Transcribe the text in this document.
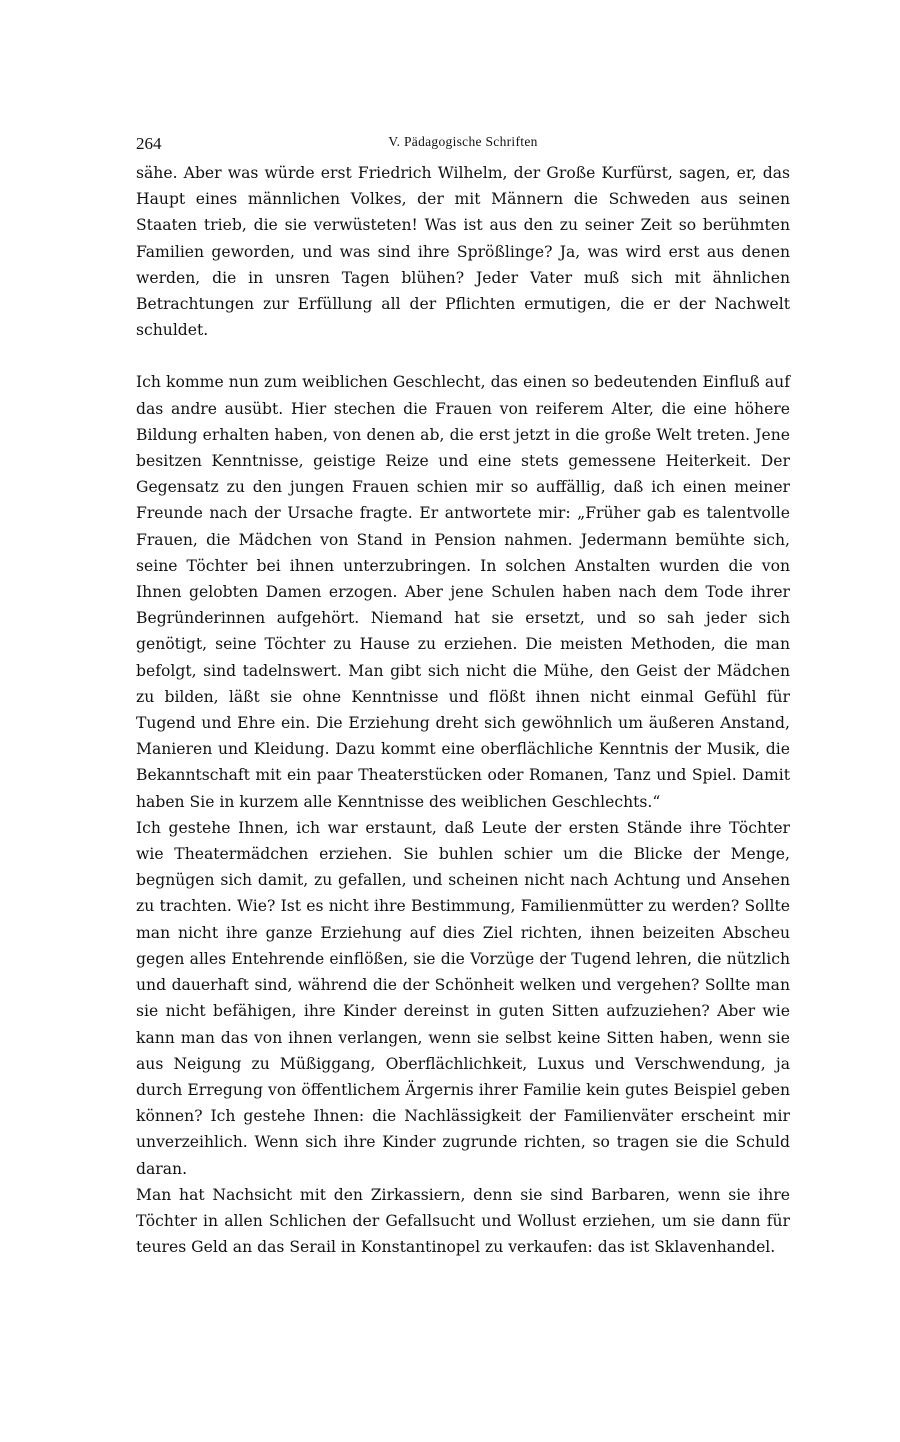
264	V. Pädagogische Schriften

sähe. Aber was würde erst Friedrich Wilhelm, der Große Kurfürst, sagen, er, das Haupt eines männlichen Volkes, der mit Männern die Schweden aus seinen Staaten trieb, die sie verwüsteten! Was ist aus den zu seiner Zeit so berühmten Familien geworden, und was sind ihre Sprößlinge? Ja, was wird erst aus denen werden, die in unsren Tagen blühen? Jeder Vater muß sich mit ähnlichen Betrachtungen zur Erfüllung all der Pflichten ermutigen, die er der Nachwelt schuldet.

Ich komme nun zum weiblichen Geschlecht, das einen so bedeutenden Einfluß auf das andre ausübt. Hier stechen die Frauen von reiferem Alter, die eine höhere Bildung erhalten haben, von denen ab, die erst jetzt in die große Welt treten. Jene besitzen Kenntnisse, geistige Reize und eine stets gemessene Heiterkeit. Der Gegensatz zu den jungen Frauen schien mir so auffällig, daß ich einen meiner Freunde nach der Ursache fragte. Er antwortete mir: „Früher gab es talentvolle Frauen, die Mädchen von Stand in Pension nahmen. Jedermann bemühte sich, seine Töchter bei ihnen unterzubringen. In solchen Anstalten wurden die von Ihnen gelobten Damen erzogen. Aber jene Schulen haben nach dem Tode ihrer Begründerinnen aufgehört. Niemand hat sie ersetzt, und so sah jeder sich genötigt, seine Töchter zu Hause zu erziehen. Die meisten Methoden, die man befolgt, sind tadelnswert. Man gibt sich nicht die Mühe, den Geist der Mädchen zu bilden, läßt sie ohne Kenntnisse und flößt ihnen nicht einmal Gefühl für Tugend und Ehre ein. Die Erziehung dreht sich gewöhnlich um äußeren Anstand, Manieren und Kleidung. Dazu kommt eine oberflächliche Kenntnis der Musik, die Bekanntschaft mit ein paar Theaterstücken oder Romanen, Tanz und Spiel. Damit haben Sie in kurzem alle Kenntnisse des weiblichen Geschlechts.“

Ich gestehe Ihnen, ich war erstaunt, daß Leute der ersten Stände ihre Töchter wie Theatermädchen erziehen. Sie buhlen schier um die Blicke der Menge, begnügen sich damit, zu gefallen, und scheinen nicht nach Achtung und Ansehen zu trachten. Wie? Ist es nicht ihre Bestimmung, Familienmütter zu werden? Sollte man nicht ihre ganze Erziehung auf dies Ziel richten, ihnen beizeiten Abscheu gegen alles Entehrende einflößen, sie die Vorzüge der Tugend lehren, die nützlich und dauerhaft sind, während die der Schönheit welken und vergehen? Sollte man sie nicht befähigen, ihre Kinder dereinst in guten Sitten aufzuziehen? Aber wie kann man das von ihnen verlangen, wenn sie selbst keine Sitten haben, wenn sie aus Neigung zu Müßiggang, Oberflächlichkeit, Luxus und Verschwendung, ja durch Erregung von öffentlichem Ärgernis ihrer Familie kein gutes Beispiel geben können? Ich gestehe Ihnen: die Nachlässigkeit der Familienväter erscheint mir unverzeihlich. Wenn sich ihre Kinder zugrunde richten, so tragen sie die Schuld daran.

Man hat Nachsicht mit den Zirkassiern, denn sie sind Barbaren, wenn sie ihre Töchter in allen Schlichen der Gefallsucht und Wollust erziehen, um sie dann für teures Geld an das Serail in Konstantinopel zu verkaufen: das ist Sklavenhandel.
